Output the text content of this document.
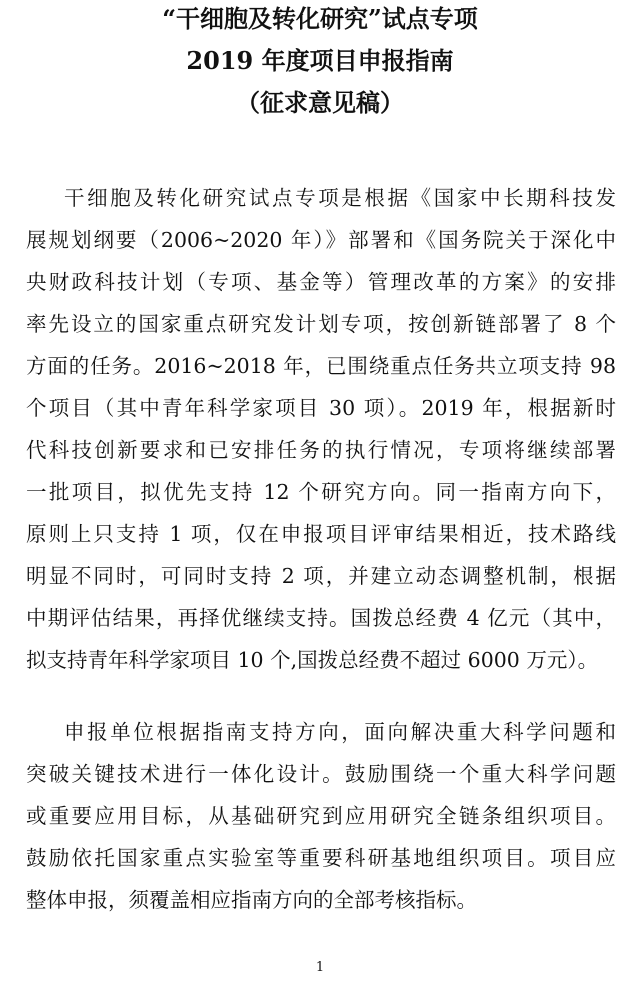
“干细胞及转化研究”试点专项
2019 年度项目申报指南
（征求意见稿）
干细胞及转化研究试点专项是根据《国家中长期科技发
展规划纲要（2006~2020 年）》部署和《国务院关于深化中
央财政科技计划（专项、基金等）管理改革的方案》的安排
率先设立的国家重点研究发计划专项，按创新链部署了 8 个
方面的任务。2016~2018 年，已围绕重点任务共立项支持 98
个项目（其中青年科学家项目 30 项）。2019 年，根据新时
代科技创新要求和已安排任务的执行情况，专项将继续部署
一批项目，拟优先支持 12 个研究方向。同一指南方向下，
原则上只支持 1 项，仅在申报项目评审结果相近，技术路线
明显不同时，可同时支持 2 项，并建立动态调整机制，根据
中期评估结果，再择优继续支持。国拨总经费 4 亿元（其中，
拟支持青年科学家项目 10 个,国拨总经费不超过 6000 万元）。
申报单位根据指南支持方向，面向解决重大科学问题和
突破关键技术进行一体化设计。鼓励围绕一个重大科学问题
或重要应用目标，从基础研究到应用研究全链条组织项目。
鼓励依托国家重点实验室等重要科研基地组织项目。项目应
整体申报，须覆盖相应指南方向的全部考核指标。
1
